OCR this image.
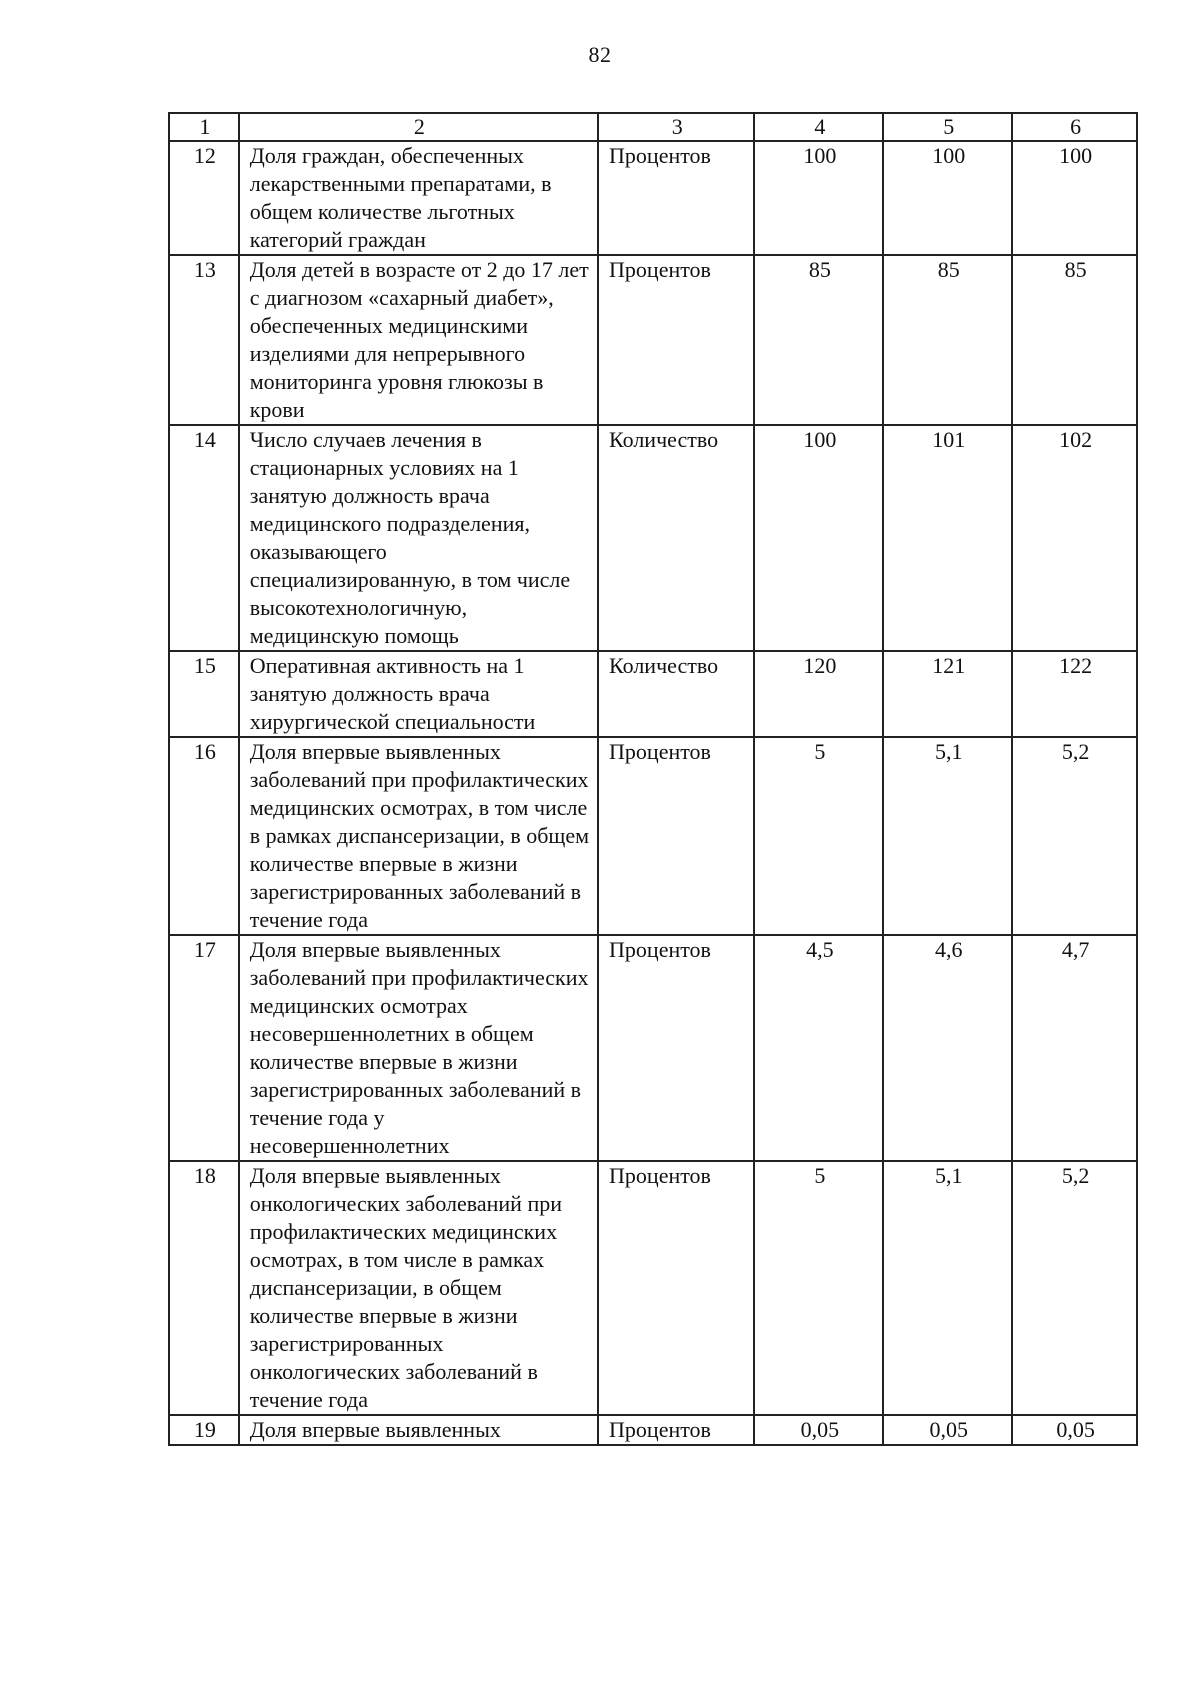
82
1	2	3	4	5	6
12	Доля граждан, обеспеченных лекарственными препаратами, в общем количестве льготных категорий граждан	Процентов	100	100	100
13	Доля детей в возрасте от 2 до 17 лет с диагнозом «сахарный диабет», обеспеченных медицинскими изделиями для непрерывного мониторинга уровня глюкозы в крови	Процентов	85	85	85
14	Число случаев лечения в стационарных условиях на 1 занятую должность врача медицинского подразделения, оказывающего специализированную, в том числе высокотехнологичную, медицинскую помощь	Количество	100	101	102
15	Оперативная активность на 1 занятую должность врача хирургической специальности	Количество	120	121	122
16	Доля впервые выявленных заболеваний при профилактических медицинских осмотрах, в том числе в рамках диспансеризации, в общем количестве впервые в жизни зарегистрированных заболеваний в течение года	Процентов	5	5,1	5,2
17	Доля впервые выявленных заболеваний при профилактических медицинских осмотрах несовершеннолетних в общем количестве впервые в жизни зарегистрированных заболеваний в течение года у несовершеннолетних	Процентов	4,5	4,6	4,7
18	Доля впервые выявленных онкологических заболеваний при профилактических медицинских осмотрах, в том числе в рамках диспансеризации, в общем количестве впервые в жизни зарегистрированных онкологических заболеваний в течение года	Процентов	5	5,1	5,2
19	Доля впервые выявленных	Процентов	0,05	0,05	0,05
